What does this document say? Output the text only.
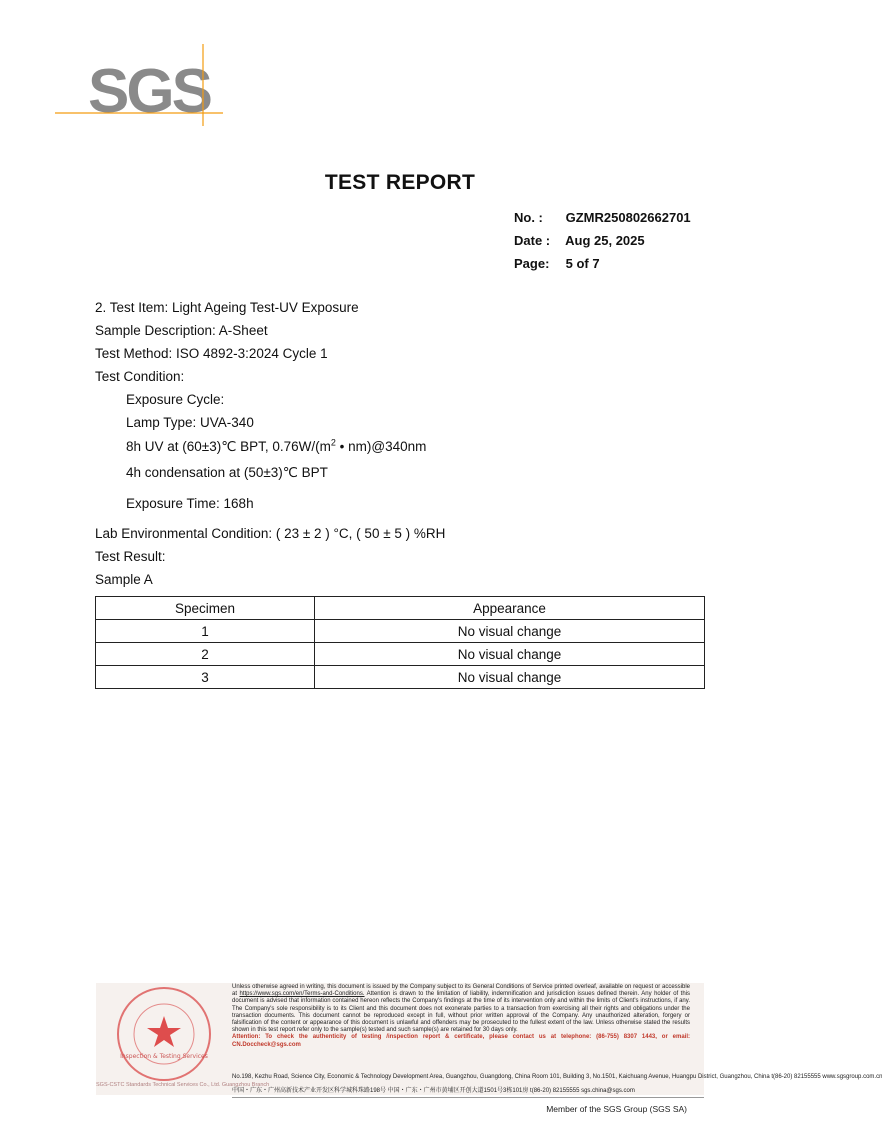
SGS
TEST REPORT
No. : GZMR250802662701
Date : Aug 25, 2025
Page: 5 of 7
2. Test Item: Light Ageing Test-UV Exposure
Sample Description: A-Sheet
Test Method: ISO 4892-3:2024 Cycle 1
Test Condition:
Exposure Cycle:
Lamp Type: UVA-340
8h UV at (60±3)℃ BPT, $0.76W/(m^2$ • nm)@340nm
4h condensation at (50±3)℃ BPT
Exposure Time: 168h
Lab Environmental Condition: ( 23 ± 2 ) °C, ( 50 ± 5 ) %RH
Test Result:
Sample A
Specimen	Appearance
1	No visual change
2	No visual change
3	No visual change
Inspection & Testing Services
Unless otherwise agreed in writing, this document is issued by the Company subject to its General Conditions of Service printed overleaf, available on request or accessible at https://www.sgs.com/en/Terms-and-Conditions. Attention is drawn to the limitation of liability, indemnification and jurisdiction issues defined therein. Any holder of this document is advised that information contained hereon reflects the Company's findings at the time of its intervention only and within the limits of Client's instructions, if any. The Company's sole responsibility is to its Client and this document does not exonerate parties to a transaction from exercising all their rights and obligations under the transaction documents. This document cannot be reproduced except in full, without prior written approval of the Company. Any unauthorized alteration, forgery or falsification of the content or appearance of this document is unlawful and offenders may be prosecuted to the fullest extent of the law. Unless otherwise stated the results shown in this test report refer only to the sample(s) tested and such sample(s) are retained for 30 days only.
Attention: To check the authenticity of testing /inspection report & certificate, please contact us at telephone: (86-755) 8307 1443, or email: CN.Doccheck@sgs.com
SGS-CSTC Standards Technical Services Co., Ltd. Guangzhou Branch
No.198, Kezhu Road, Science City, Economic & Technology Development Area, Guangzhou, Guangdong, China Room 101, Building 3, No.1501, Kaichuang Avenue, Huangpu District, Guangzhou, China t(86-20) 82155555 www.sgsgroup.com.cn
中国・广东・广州高新技术产业开发区科学城科珠路198号 中国・广东・广州市黄埔区开创大道1501号3栋101房 t(86-20) 82155555 sgs.china@sgs.com
Member of the SGS Group (SGS SA)
